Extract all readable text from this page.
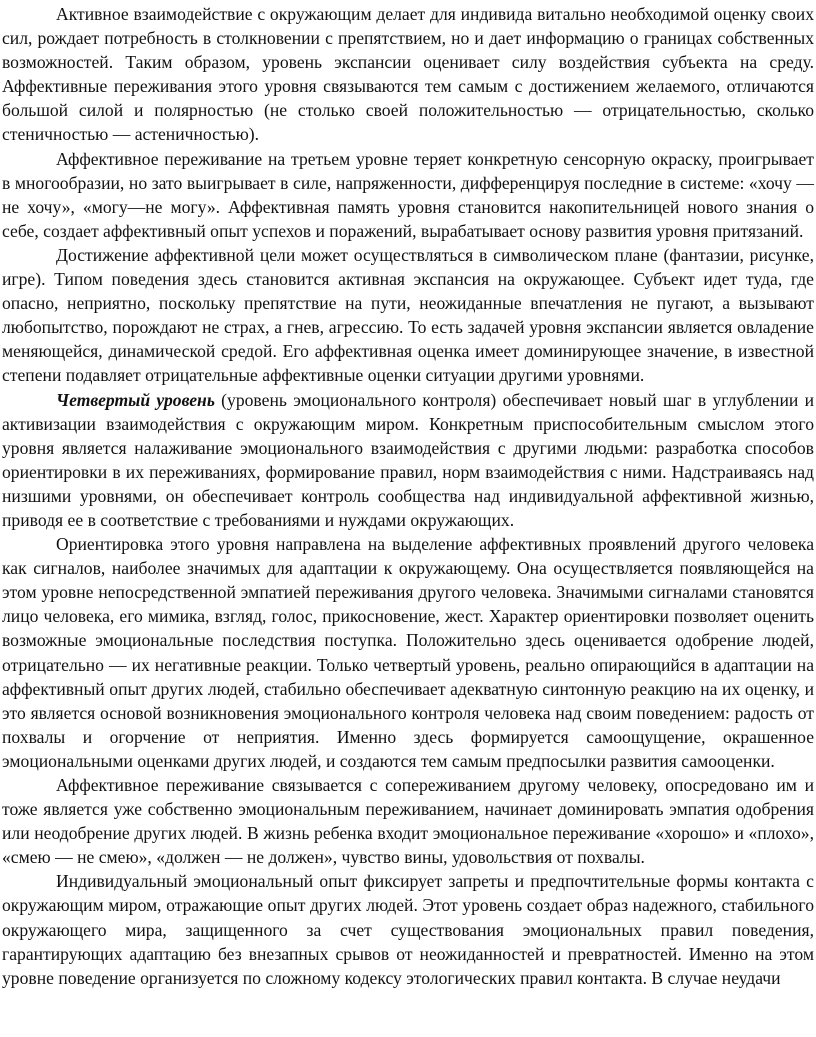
Активное взаимодействие с окружающим делает для индивида витально необходимой оценку своих сил, рождает потребность в столкновении с препятствием, но и дает информацию о границах собственных возможностей. Таким образом, уровень экспансии оценивает силу воздействия субъекта на среду. Аффективные переживания этого уровня связываются тем самым с достижением желаемого, отличаются большой силой и полярностью (не столько своей положительностью — отрицательностью, сколько стеничностью — астеничностью).

Аффективное переживание на третьем уровне теряет конкретную сенсорную окраску, проигрывает в многообразии, но зато выигрывает в силе, напряженности, дифференцируя последние в системе: «хочу — не хочу», «могу—не могу». Аффективная память уровня становится накопительницей нового знания о себе, создает аффективный опыт успехов и поражений, вырабатывает основу развития уровня притязаний.

Достижение аффективной цели может осуществляться в символическом плане (фантазии, рисунке, игре). Типом поведения здесь становится активная экспансия на окружающее. Субъект идет туда, где опасно, неприятно, поскольку препятствие на пути, неожиданные впечатления не пугают, а вызывают любопытство, порождают не страх, а гнев, агрессию. То есть задачей уровня экспансии является овладение меняющейся, динамической средой. Его аффективная оценка имеет доминирующее значение, в известной степени подавляет отрицательные аффективные оценки ситуации другими уровнями.

Четвертый уровень (уровень эмоционального контроля) обеспечивает новый шаг в углублении и активизации взаимодействия с окружающим миром. Конкретным приспособительным смыслом этого уровня является налаживание эмоционального взаимодействия с другими людьми: разработка способов ориентировки в их переживаниях, формирование правил, норм взаимодействия с ними. Надстраиваясь над низшими уровнями, он обеспечивает контроль сообщества над индивидуальной аффективной жизнью, приводя ее в соответствие с требованиями и нуждами окружающих.

Ориентировка этого уровня направлена на выделение аффективных проявлений другого человека как сигналов, наиболее значимых для адаптации к окружающему. Она осуществляется появляющейся на этом уровне непосредственной эмпатией переживания другого человека. Значимыми сигналами становятся лицо человека, его мимика, взгляд, голос, прикосновение, жест. Характер ориентировки позволяет оценить возможные эмоциональные последствия поступка. Положительно здесь оценивается одобрение людей, отрицательно — их негативные реакции. Только четвертый уровень, реально опирающийся в адаптации на аффективный опыт других людей, стабильно обеспечивает адекватную синтонную реакцию на их оценку, и это является основой возникновения эмоционального контроля человека над своим поведением: радость от похвалы и огорчение от неприятия. Именно здесь формируется самоощущение, окрашенное эмоциональными оценками других людей, и создаются тем самым предпосылки развития самооценки.

Аффективное переживание связывается с сопереживанием другому человеку, опосредовано им и тоже является уже собственно эмоциональным переживанием, начинает доминировать эмпатия одобрения или неодобрение других людей. В жизнь ребенка входит эмоциональное переживание «хорошо» и «плохо», «смею — не смею», «должен — не должен», чувство вины, удовольствия от похвалы.

Индивидуальный эмоциональный опыт фиксирует запреты и предпочтительные формы контакта с окружающим миром, отражающие опыт других людей. Этот уровень создает образ надежного, стабильного окружающего мира, защищенного за счет существования эмоциональных правил поведения, гарантирующих адаптацию без внезапных срывов от неожиданностей и превратностей. Именно на этом уровне поведение организуется по сложному кодексу этологических правил контакта. В случае неудачи
